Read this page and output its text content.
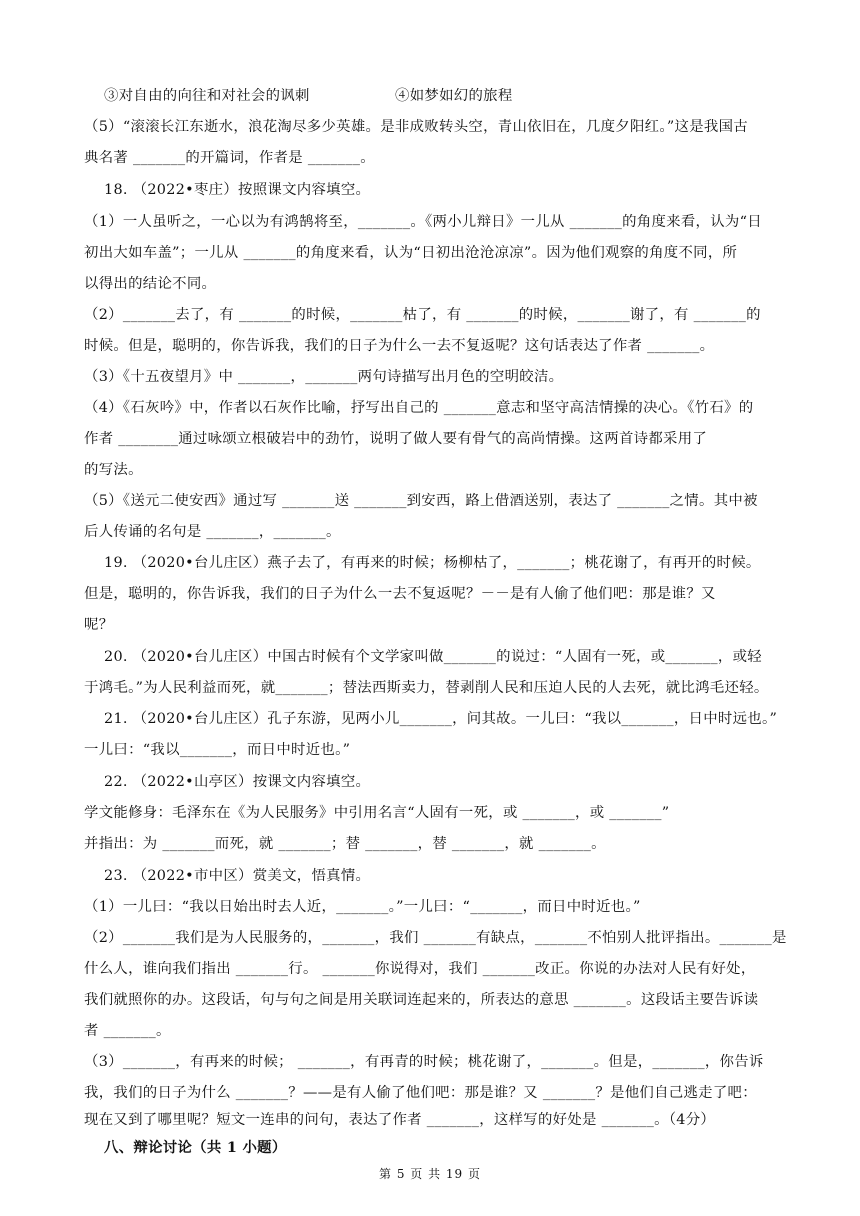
③对自由的向往和对社会的讽刺	④如梦如幻的旅程
（5）“滚滚长江东逝水，浪花淘尽多少英雄。是非成败转头空，青山依旧在，几度夕阳红。”这是我国古
典名著 _______的开篇词，作者是 _______。
18. （2022•枣庄）按照课文内容填空。
（1）一人虽听之，一心以为有鸿鹄将至，_______。《两小儿辩日》一儿从 _______的角度来看，认为“日
初出大如车盖”；一儿从 _______的角度来看，认为“日初出沧沧凉凉”。因为他们观察的角度不同，所
以得出的结论不同。
（2）_______去了，有 _______的时候，_______枯了，有 _______的时候，_______谢了，有 _______的
时候。但是，聪明的，你告诉我，我们的日子为什么一去不复返呢？这句话表达了作者 _______。
（3）《十五夜望月》中 _______，_______两句诗描写出月色的空明皎洁。
（4）《石灰吟》中，作者以石灰作比喻，抒写出自己的 _______意志和坚守高洁情操的决心。《竹石》的
作者 ________通过咏颂立根破岩中的劲竹，说明了做人要有骨气的高尚情操。这两首诗都采用了
的写法。
（5）《送元二使安西》通过写 _______送 _______到安西，路上借酒送别，表达了 _______之情。其中被
后人传诵的名句是 _______，_______。
19. （2020•台儿庄区）燕子去了，有再来的时候；杨柳枯了，_______；桃花谢了，有再开的时候。
但是，聪明的，你告诉我，我们的日子为什么一去不复返呢？－－是有人偷了他们吧：那是谁？又
呢？
20. （2020•台儿庄区）中国古时候有个文学家叫做_______的说过：“人固有一死，或_______，或轻
于鸿毛。”为人民利益而死，就_______；替法西斯卖力，替剥削人民和压迫人民的人去死，就比鸿毛还轻。
21. （2020•台儿庄区）孔子东游，见两小儿_______，问其故。一儿曰：“我以_______，日中时远也。”
一儿曰：“我以_______，而日中时近也。”
22. （2022•山亭区）按课文内容填空。
学文能修身：毛泽东在《为人民服务》中引用名言“人固有一死，或 _______，或 _______”
并指出：为 _______而死，就 _______；替 _______，替 _______，就 _______。
23. （2022•市中区）赏美文，悟真情。
（1）一儿曰：“我以日始出时去人近，_______。”一儿曰：“_______，而日中时近也。”
（2）_______我们是为人民服务的，_______，我们 _______有缺点，_______不怕别人批评指出。_______是
什么人，谁向我们指出 _______行。 _______你说得对，我们 _______改正。你说的办法对人民有好处，
我们就照你的办。这段话，句与句之间是用关联词连起来的，所表达的意思 _______。这段话主要告诉读
者 _______。
（3）_______，有再来的时候； _______，有再青的时候；桃花谢了，_______。但是，_______，你告诉
我，我们的日子为什么 _______？——是有人偷了他们吧：那是谁？又 _______？是他们自己逃走了吧：
现在又到了哪里呢？短文一连串的问句，表达了作者 _______，这样写的好处是 _______。（4分）
八、辩论讨论（共 1 小题）
第 5 页 共 19 页
